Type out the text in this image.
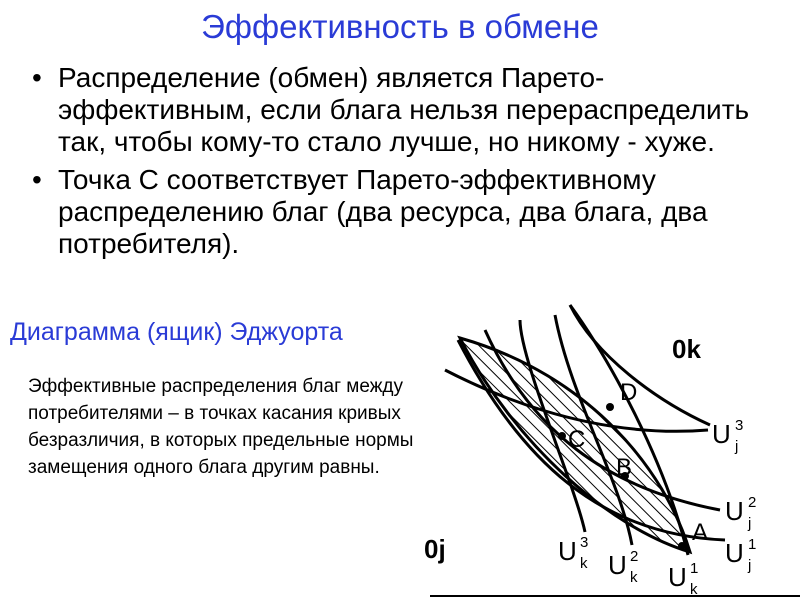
Эффективность в обмене
• Распределение (обмен) является Парето-эффективным, если блага нельзя перераспределить так, чтобы кому-то стало лучше, но никому - хуже.
• Точка С соответствует Парето-эффективному распределению благ (два ресурса, два блага, два потребителя).
Диаграмма (ящик) Эджуорта
Эффективные распределения благ между потребителями – в точках касания кривых безразличия, в которых предельные нормы замещения одного блага другим равны.
D
C
B
A
0k
0j
U 3
j
U 2
j
U 1
j
U 3
k U 2
k U 1
k
